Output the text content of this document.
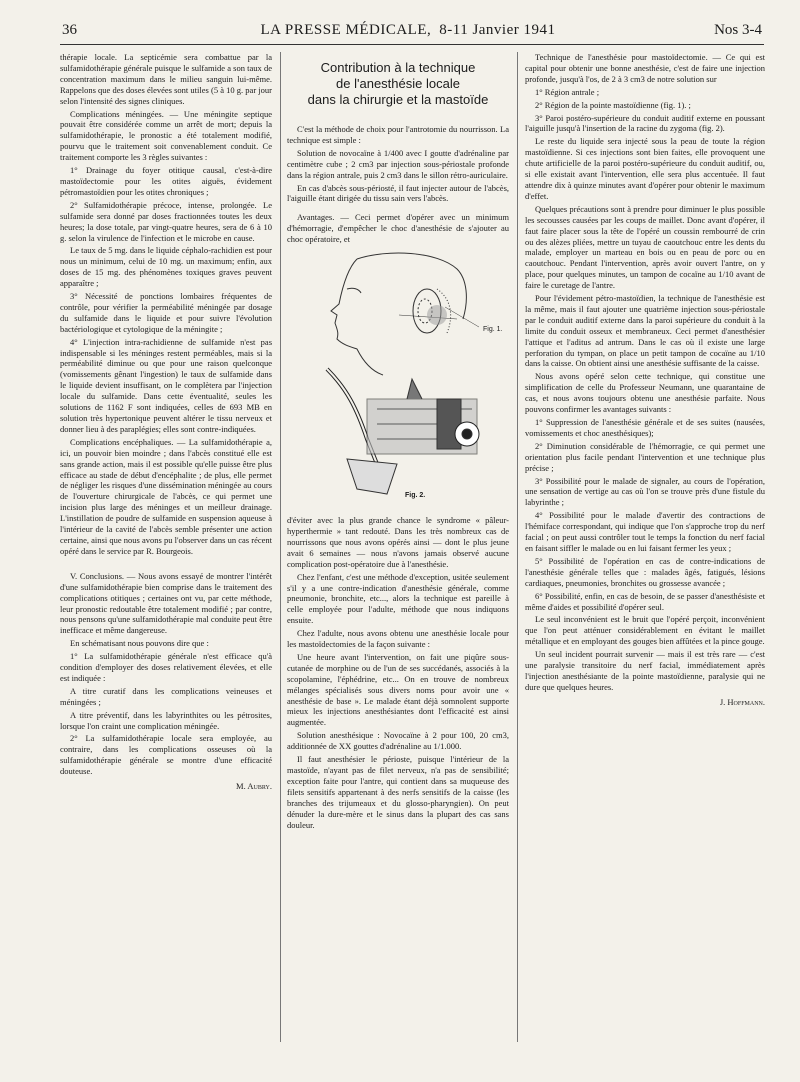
36	LA PRESSE MÉDICALE, 8-11 Janvier 1941	Nos 3-4

thérapie locale. La septicémie sera combattue par la sulfamidothérapie générale puisque le sulfamide a son taux de concentration maximum dans le milieu sanguin lui-même. Rappelons que des doses élevées sont utiles (5 à 10 g. par jour selon l'intensité des signes cliniques.

Complications méningées. — Une méningite septique pouvait être considérée comme un arrêt de mort; depuis la sulfamidothérapie, le pronostic a été totalement modifié, pourvu que le traitement soit convenablement conduit. Ce traitement comporte les 3 règles suivantes :

1° Drainage du foyer otitique causal, c'est-à-dire mastoïdectomie pour les otites aiguës, évidement pétromastoïdien pour les otites chroniques ;

2° Sulfamidothérapie précoce, intense, prolongée. Le sulfamide sera donné par doses fractionnées toutes les deux heures; la dose totale, par vingt-quatre heures, sera de 6 à 10 g. selon la virulence de l'infection et le microbe en cause.

Le taux de 5 mg. dans le liquide céphalo-rachidien est pour nous un minimum, celui de 10 mg. un maximum; enfin, aux doses de 15 mg. des phénomènes toxiques graves peuvent apparaître ;

3° Nécessité de ponctions lombaires fréquentes de contrôle, pour vérifier la perméabilité méningée par dosage du sulfamide dans le liquide et pour suivre l'évolution bactériologique et cytologique de la méningite ;

4° L'injection intra-rachidienne de sulfamide n'est pas indispensable si les méninges restent perméables, mais si la perméabilité diminue ou que pour une raison quelconque (vomissements gênant l'ingestion) le taux de sulfamide dans le liquide devient insuffisant, on le complètera par l'injection locale du sulfamide. Dans cette éventualité, seules les solutions de 1162 F sont indiquées, celles de 693 MB en solution très hypertonique peuvent altérer le tissu nerveux et donner lieu à des paraplégies; elles sont contre-indiquées.

Complications encéphaliques. — La sulfamidothérapie a, ici, un pouvoir bien moindre ; dans l'abcès constitué elle est sans grande action, mais il est possible qu'elle puisse être plus efficace au stade de début d'encéphalite ; de plus, elle permet de négliger les risques d'une dissémination méningée au cours de l'ouverture chirurgicale de l'abcès, ce qui permet une incision plus large des méninges et un meilleur drainage. L'instillation de poudre de sulfamide en suspension aqueuse à l'intérieur de la cavité de l'abcès semble présenter une action certaine, ainsi que nous avons pu l'observer dans un cas récent opéré dans le service par R. Bourgeois.

V. Conclusions. — Nous avons essayé de montrer l'intérêt d'une sulfamidothérapie bien comprise dans le traitement des complications otitiques ; certaines ont vu, par cette méthode, leur pronostic redoutable être totalement modifié ; par contre, nous pensons qu'une sulfamidothérapie mal conduite peut être inefficace et même dangereuse.

En schématisant nous pouvons dire que :

1° La sulfamidothérapie générale n'est efficace qu'à condition d'employer des doses relativement élevées, et elle est indiquée :

A titre curatif dans les complications veineuses et méningées ;

A titre préventif, dans les labyrinthites ou les pétrosites, lorsque l'on craint une complication méningée.

2° La sulfamidothérapie locale sera employée, au contraire, dans les complications osseuses où la sulfamidothérapie générale se montre d'une efficacité douteuse.

M. Aubry.
Contribution à la technique
de l'anesthésie locale
dans la chirurgie et la mastoïde

C'est la méthode de choix pour l'antrotomie du nourrisson. La technique est simple :

Solution de novocaïne à 1/400 avec I goutte d'adrénaline par centimètre cube ; 2 cm3 par injection sous-périostale profonde dans la région antrale, puis 2 cm3 dans le sillon rétro-auriculaire.

En cas d'abcès sous-périosté, il faut injecter autour de l'abcès, l'aiguille étant dirigée du tissu sain vers l'abcès.

Avantages. — Ceci permet d'opérer avec un minimum d'hémorragie, d'empêcher le choc d'anesthésie de s'ajouter au choc opératoire, et

Fig. 1.
Fig. 2.

d'éviter avec la plus grande chance le syndrome « pâleur-hyperthermie » tant redouté. Dans les très nombreux cas de nourrissons que nous avons opérés ainsi — dont le plus jeune avait 6 semaines — nous n'avons jamais observé aucune complication post-opératoire due à l'anesthésie.

Chez l'enfant, c'est une méthode d'exception, usitée seulement s'il y a une contre-indication d'anesthésie générale, comme pneumonie, bronchite, etc..., alors la technique est pareille à celle employée pour l'adulte, méthode que nous indiquons ensuite.

Chez l'adulte, nous avons obtenu une anesthésie locale pour les mastoïdectomies de la façon suivante :

Une heure avant l'intervention, on fait une piqûre sous-cutanée de morphine ou de l'un de ses succédanés, associés à la scopolamine, l'éphédrine, etc... On en trouve de nombreux mélanges spécialisés sous divers noms pour avoir une « anesthésie de base ». Le malade étant déjà somnolent supporte mieux les injections anesthésiantes dont l'efficacité est ainsi augmentée.

Solution anesthésique : Novocaïne à 2 pour 100, 20 cm3, additionnée de XX gouttes d'adrénaline au 1/1.000.

Il faut anesthésier le périoste, puisque l'intérieur de la mastoïde, n'ayant pas de filet nerveux, n'a pas de sensibilité; exception faite pour l'antre, qui contient dans sa muqueuse des filets sensitifs appartenant à des nerfs sensitifs de la caisse (les branches des trijumeaux et du glosso-pharyngien). On peut dénuder la dure-mère et le sinus dans la plupart des cas sans douleur.

Technique de l'anesthésie pour mastoïdectomie. — Ce qui est capital pour obtenir une bonne anesthésie, c'est de faire une injection profonde, jusqu'à l'os, de 2 à 3 cm3 de notre solution sur

1° Région antrale ;

2° Région de la pointe mastoïdienne (fig. 1). ;

3° Paroi postéro-supérieure du conduit auditif externe en poussant l'aiguille jusqu'à l'insertion de la racine du zygoma (fig. 2).

Le reste du liquide sera injecté sous la peau de toute la région mastoïdienne. Si ces injections sont bien faites, elle provoquent une chute artificielle de la paroi postéro-supérieure du conduit auditif, ou, si elle existait avant l'intervention, elle sera plus accentuée. Il faut attendre dix à quinze minutes avant d'opérer pour obtenir le maximum d'effet.

Quelques précautions sont à prendre pour diminuer le plus possible les secousses causées par les coups de maillet. Donc avant d'opérer, il faut faire placer sous la tête de l'opéré un coussin rembourré de crin ou des alèzes pliées, mettre un tuyau de caoutchouc entre les dents du malade, employer un marteau en bois ou en peau de porc ou en caoutchouc. Pendant l'intervention, après avoir ouvert l'antre, on y place, pour quelques minutes, un tampon de cocaïne au 1/10 avant de faire le curetage de l'antre.

Pour l'évidement pétro-mastoïdien, la technique de l'anesthésie est la même, mais il faut ajouter une quatrième injection sous-périostale par le conduit auditif externe dans la paroi supérieure du conduit à la limite du conduit osseux et membraneux. Ceci permet d'anesthésier l'attique et l'aditus ad antrum. Dans le cas où il existe une large perforation du tympan, on place un petit tampon de cocaïne au 1/10 dans la caisse. On obtient ainsi une anesthésie suffisante de la caisse.

Nous avons opéré selon cette technique, qui constitue une simplification de celle du Professeur Neumann, une quarantaine de cas, et nous avons toujours obtenu une anesthésie parfaite. Nous pouvons confirmer les avantages suivants :

1° Suppression de l'anesthésie générale et de ses suites (nausées, vomissements et choc anesthésiques);

2° Diminution considérable de l'hémorragie, ce qui permet une orientation plus facile pendant l'intervention et une technique plus précise ;

3° Possibilité pour le malade de signaler, au cours de l'opération, une sensation de vertige au cas où l'on se trouve près d'une fistule du labyrinthe ;

4° Possibilité pour le malade d'avertir des contractions de l'hémiface correspondant, qui indique que l'on s'approche trop du nerf facial ; on peut aussi contrôler tout le temps la fonction du nerf facial en faisant siffler le malade ou en lui faisant fermer les yeux ;

5° Possibilité de l'opération en cas de contre-indications de l'anesthésie générale telles que : malades âgés, fatigués, lésions cardiaques, pneumonies, bronchites ou grossesse avancée ;

6° Possibilité, enfin, en cas de besoin, de se passer d'anesthésiste et même d'aides et possibilité d'opérer seul.

Le seul inconvénient est le bruit que l'opéré perçoit, inconvénient que l'on peut atténuer considérablement en évitant le maillet métallique et en employant des gouges bien affûtées et la pince gouge.

Un seul incident pourrait survenir — mais il est très rare — c'est une paralysie transitoire du nerf facial, immédiatement après l'injection anesthésiante de la pointe mastoïdienne, paralysie qui ne dure que quelques heures.

J. Hoffmann.
